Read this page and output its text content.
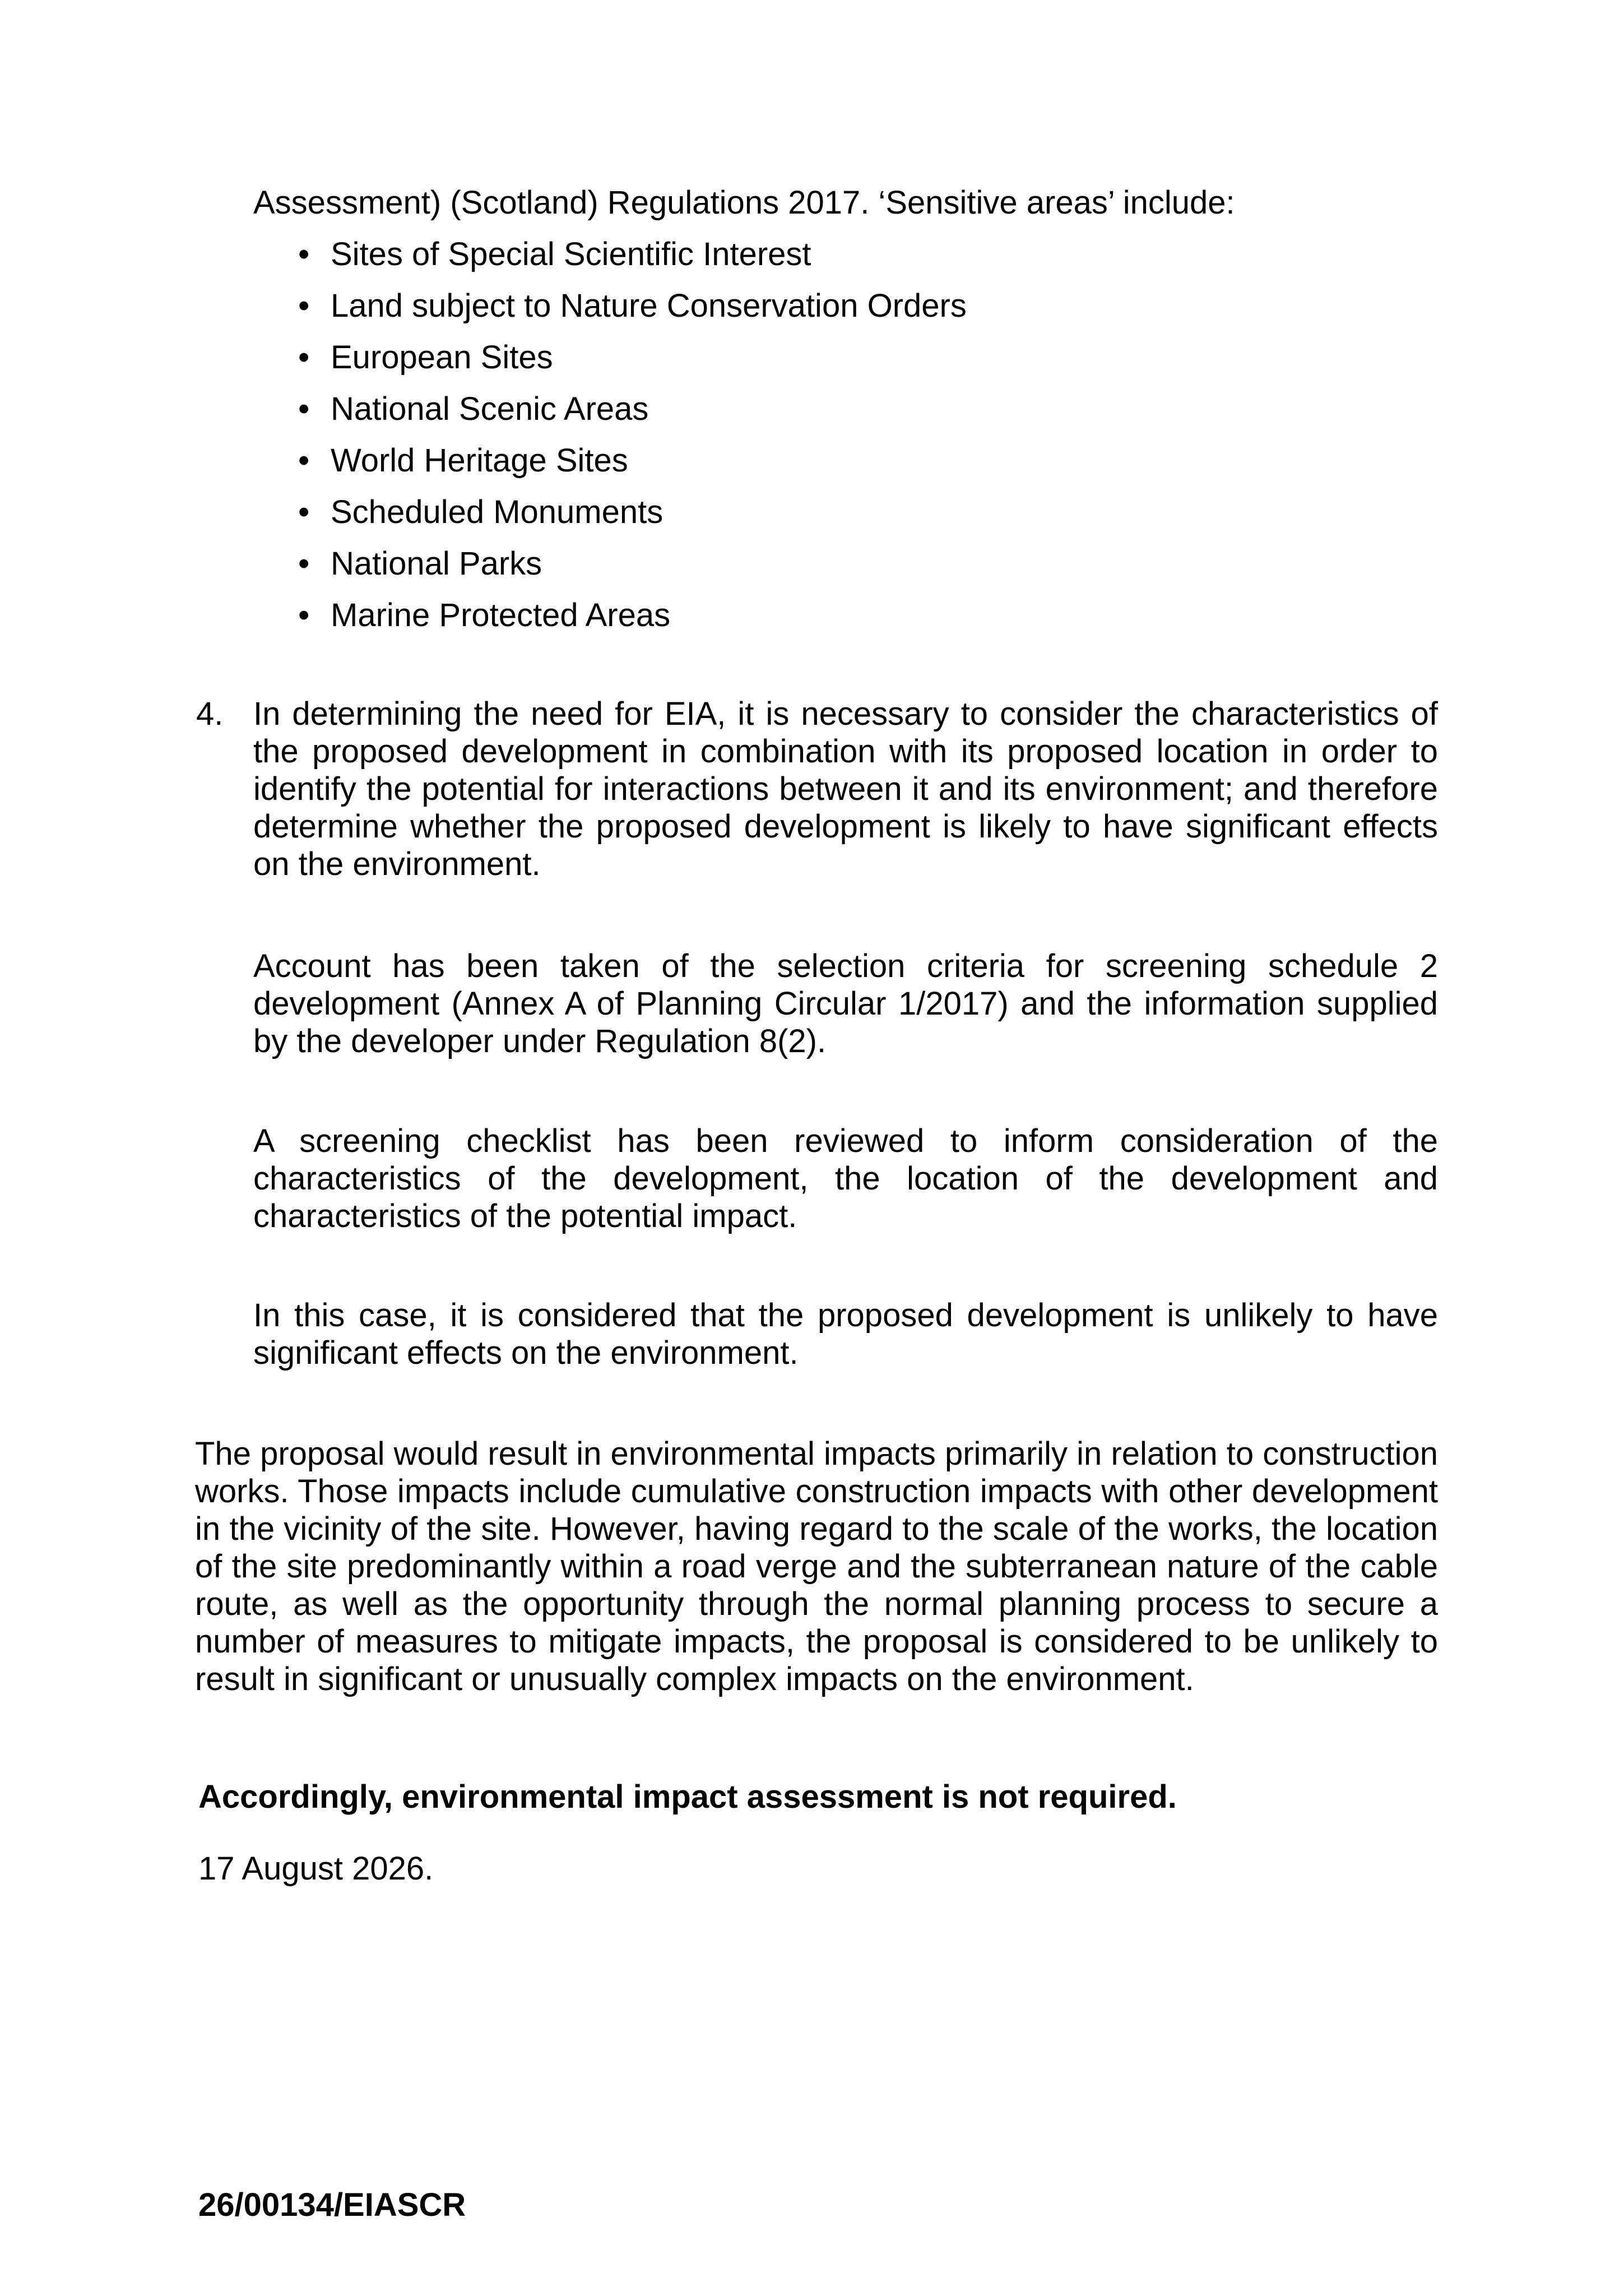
Assessment) (Scotland) Regulations 2017. ‘Sensitive areas’ include:

• Sites of Special Scientific Interest
• Land subject to Nature Conservation Orders
• European Sites
• National Scenic Areas
• World Heritage Sites
• Scheduled Monuments
• National Parks
• Marine Protected Areas
4. In determining the need for EIA, it is necessary to consider the characteristics of the proposed development in combination with its proposed location in order to identify the potential for interactions between it and its environment; and therefore determine whether the proposed development is likely to have significant effects on the environment.

Account has been taken of the selection criteria for screening schedule 2 development (Annex A of Planning Circular 1/2017) and the information supplied by the developer under Regulation 8(2).

A screening checklist has been reviewed to inform consideration of the characteristics of the development, the location of the development and characteristics of the potential impact.

In this case, it is considered that the proposed development is unlikely to have significant effects on the environment.

The proposal would result in environmental impacts primarily in relation to construction works. Those impacts include cumulative construction impacts with other development in the vicinity of the site. However, having regard to the scale of the works, the location of the site predominantly within a road verge and the subterranean nature of the cable route, as well as the opportunity through the normal planning process to secure a number of measures to mitigate impacts, the proposal is considered to be unlikely to result in significant or unusually complex impacts on the environment.

Accordingly, environmental impact assessment is not required.

17 August 2026.

26/00134/EIASCR
